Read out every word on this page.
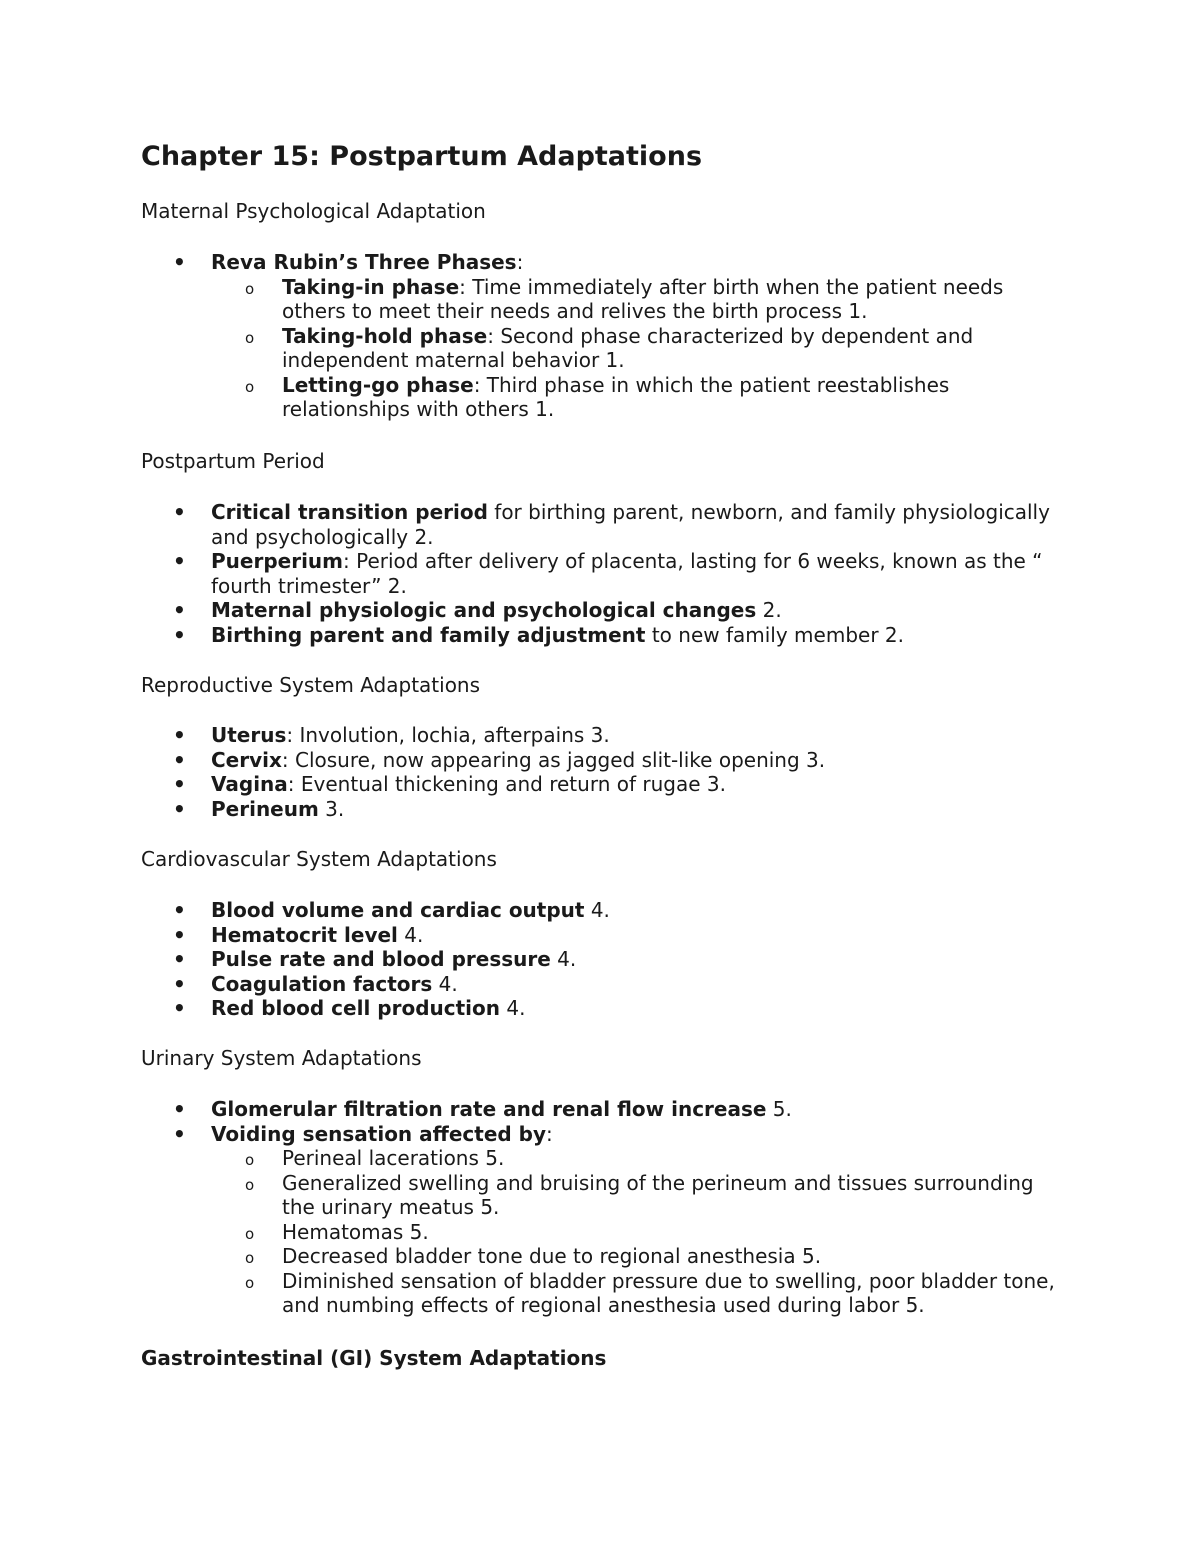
Chapter 15: Postpartum Adaptations
Maternal Psychological Adaptation
• Reva Rubin’s Three Phases:
o Taking-in phase: Time immediately after birth when the patient needs others to meet their needs and relives the birth process 1.
o Taking-hold phase: Second phase characterized by dependent and independent maternal behavior 1.
o Letting-go phase: Third phase in which the patient reestablishes relationships with others 1.
Postpartum Period
• Critical transition period for birthing parent, newborn, and family physiologically and psychologically 2.
• Puerperium: Period after delivery of placenta, lasting for 6 weeks, known as the “ fourth trimester” 2.
• Maternal physiologic and psychological changes 2.
• Birthing parent and family adjustment to new family member 2.
Reproductive System Adaptations
• Uterus: Involution, lochia, afterpains 3.
• Cervix: Closure, now appearing as jagged slit-like opening 3.
• Vagina: Eventual thickening and return of rugae 3.
• Perineum 3.
Cardiovascular System Adaptations
• Blood volume and cardiac output 4.
• Hematocrit level 4.
• Pulse rate and blood pressure 4.
• Coagulation factors 4.
• Red blood cell production 4.
Urinary System Adaptations
• Glomerular filtration rate and renal flow increase 5.
• Voiding sensation affected by:
o Perineal lacerations 5.
o Generalized swelling and bruising of the perineum and tissues surrounding the urinary meatus 5.
o Hematomas 5.
o Decreased bladder tone due to regional anesthesia 5.
o Diminished sensation of bladder pressure due to swelling, poor bladder tone, and numbing effects of regional anesthesia used during labor 5.
Gastrointestinal (GI) System Adaptations
